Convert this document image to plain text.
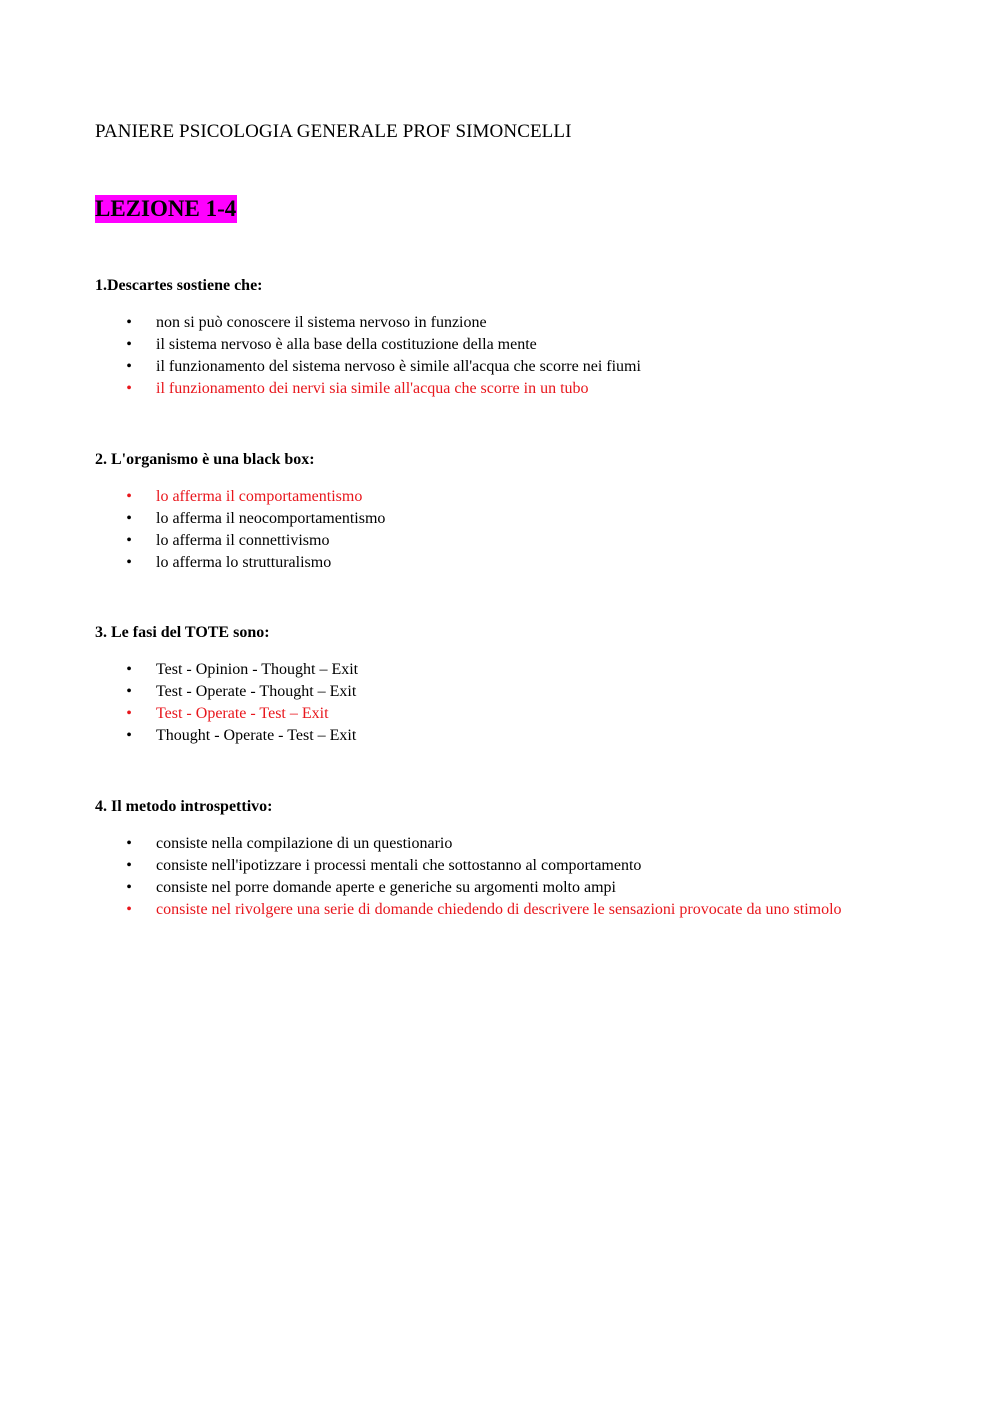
PANIERE PSICOLOGIA GENERALE PROF SIMONCELLI
LEZIONE 1-4

1.Descartes sostiene che:

• non si può conoscere il sistema nervoso in funzione
• il sistema nervoso è alla base della costituzione della mente
• il funzionamento del sistema nervoso è simile all'acqua che scorre nei fiumi
• il funzionamento dei nervi sia simile all'acqua che scorre in un tubo

2. L'organismo è una black box:

• lo afferma il comportamentismo
• lo afferma il neocomportamentismo
• lo afferma il connettivismo
• lo afferma lo strutturalismo

3. Le fasi del TOTE sono:

• Test - Opinion - Thought – Exit
• Test - Operate - Thought – Exit
• Test - Operate - Test – Exit
• Thought - Operate - Test – Exit

4. Il metodo introspettivo:

• consiste nella compilazione di un questionario
• consiste nell'ipotizzare i processi mentali che sottostanno al comportamento
• consiste nel porre domande aperte e generiche su argomenti molto ampi
• consiste nel rivolgere una serie di domande chiedendo di descrivere le sensazioni provocate da uno stimolo
